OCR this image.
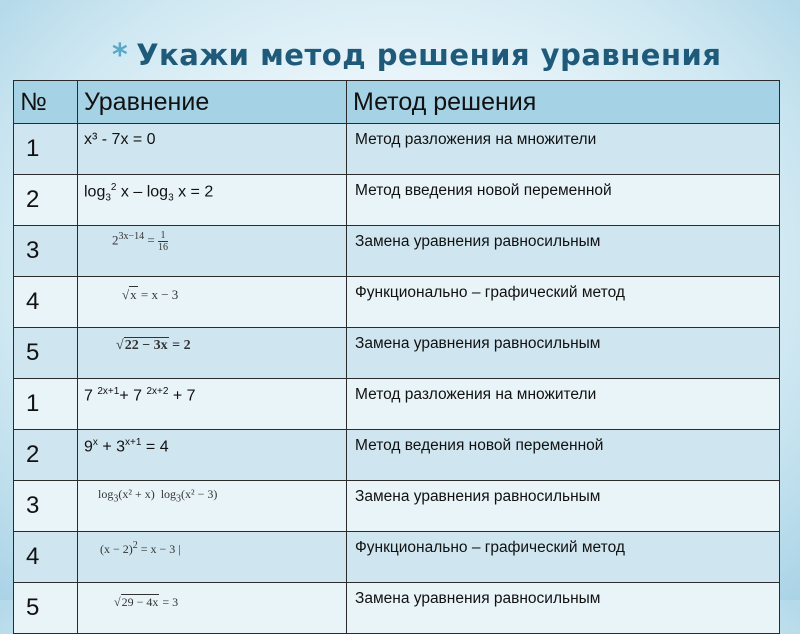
* Укажи метод решения уравнения
№	Уравнение	Метод решения
1	x³ - 7x = 0	Метод разложения на множители
2	$\log_3^2 x - \log_3 x = 2$	Метод введения новой переменной
3	$2^{3x-14} = \frac{1}{16}$	Замена уравнения равносильным
4	√x = x − 3	Функционально – графический метод
5	√22 − 3x = 2	Замена уравнения равносильным
1	7 $^{2x+1}$+ 7 $^{2x+2}$ + 7	Метод разложения на множители
2	$9^x + 3^{x+1} = 4$	Метод ведения новой переменной
3	$\log_3(x^2 + x) \log_3(x^2 - 3)$	Замена уравнения равносильным
4	$(x - 2)^2 = x - 3$ |	Функционально – графический метод
5	√29 − 4x = 3	Замена уравнения равносильным
